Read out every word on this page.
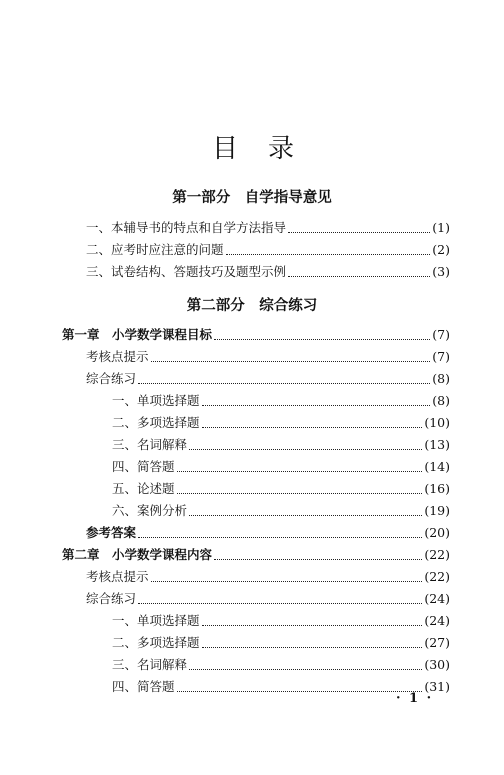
目 录
第一部分　自学指导意见
一、本辅导书的特点和自学方法指导	(1)
二、应考时应注意的问题	(2)
三、试卷结构、答题技巧及题型示例	(3)
第二部分　综合练习
第一章　小学数学课程目标	(7)
考核点提示	(7)
综合练习	(8)
一、单项选择题	(8)
二、多项选择题	(10)
三、名词解释	(13)
四、简答题	(14)
五、论述题	(16)
六、案例分析	(19)
参考答案	(20)
第二章　小学数学课程内容	(22)
考核点提示	(22)
综合练习	(24)
一、单项选择题	(24)
二、多项选择题	(27)
三、名词解释	(30)
四、简答题	(31)
· 1 ·
